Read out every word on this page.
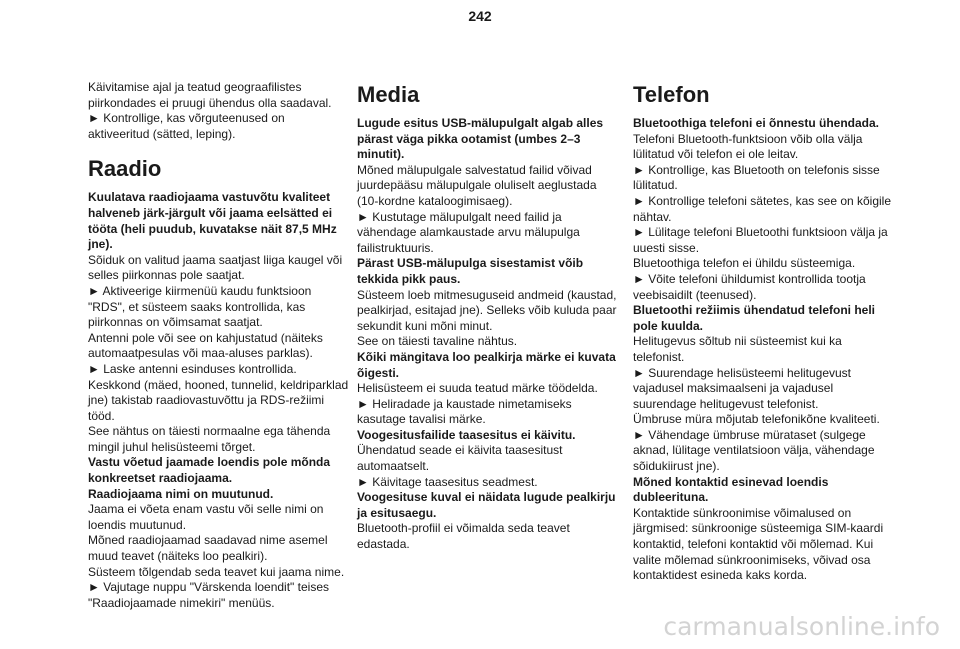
242
Käivitamise ajal ja teatud geograafilistes
piirkondades ei pruugi ühendus olla saadaval.
► Kontrollige, kas võrguteenused on
aktiveeritud (sätted, leping).
Raadio
Kuulatava raadiojaama vastuvõtu kvaliteet
halveneb järk-järgult või jaama eelsätted ei
tööta (heli puudub, kuvatakse näit 87,5 MHz
jne).
Sõiduk on valitud jaama saatjast liiga kaugel või
selles piirkonnas pole saatjat.
► Aktiveerige kiirmenüü kaudu funktsioon
"RDS", et süsteem saaks kontrollida, kas
piirkonnas on võimsamat saatjat.
Antenni pole või see on kahjustatud (näiteks
automaatpesulas või maa-aluses parklas).
► Laske antenni esinduses kontrollida.
Keskkond (mäed, hooned, tunnelid, keldriparklad
jne) takistab raadiovastuvõttu ja RDS-režiimi
tööd.
See nähtus on täiesti normaalne ega tähenda
mingil juhul helisüsteemi tõrget.
Vastu võetud jaamade loendis pole mõnda
konkreetset raadiojaama.
Raadiojaama nimi on muutunud.
Jaama ei võeta enam vastu või selle nimi on
loendis muutunud.
Mõned raadiojaamad saadavad nime asemel
muud teavet (näiteks loo pealkiri).
Süsteem tõlgendab seda teavet kui jaama nime.
► Vajutage nuppu "Värskenda loendit" teises
"Raadiojaamade nimekiri" menüüs.
Media
Lugude esitus USB-mälupulgalt algab alles
pärast väga pikka ootamist (umbes 2–3
minutit).
Mõned mälupulgale salvestatud failid võivad
juurdepääsu mälupulgale oluliselt aeglustada
(10-kordne kataloogimisaeg).
► Kustutage mälupulgalt need failid ja
vähendage alamkaustade arvu mälupulga
failistruktuuris.
Pärast USB-mälupulga sisestamist võib
tekkida pikk paus.
Süsteem loeb mitmesuguseid andmeid (kaustad,
pealkirjad, esitajad jne). Selleks võib kuluda paar
sekundit kuni mõni minut.
See on täiesti tavaline nähtus.
Kõiki mängitava loo pealkirja märke ei kuvata
õigesti.
Helisüsteem ei suuda teatud märke töödelda.
► Heliradade ja kaustade nimetamiseks
kasutage tavalisi märke.
Voogesitusfailide taasesitus ei käivitu.
Ühendatud seade ei käivita taasesitust
automaatselt.
► Käivitage taasesitus seadmest.
Voogesituse kuval ei näidata lugude pealkirju
ja esitusaegu.
Bluetooth-profiil ei võimalda seda teavet
edastada.
Telefon
Bluetoothiga telefoni ei õnnestu ühendada.
Telefoni Bluetooth-funktsioon võib olla välja
lülitatud või telefon ei ole leitav.
► Kontrollige, kas Bluetooth on telefonis sisse
lülitatud.
► Kontrollige telefoni sätetes, kas see on kõigile
nähtav.
► Lülitage telefoni Bluetoothi funktsioon välja ja
uuesti sisse.
Bluetoothiga telefon ei ühildu süsteemiga.
► Võite telefoni ühildumist kontrollida tootja
veebisaidilt (teenused).
Bluetoothi režiimis ühendatud telefoni heli
pole kuulda.
Helitugevus sõltub nii süsteemist kui ka
telefonist.
► Suurendage helisüsteemi helitugevust
vajadusel maksimaalseni ja vajadusel
suurendage helitugevust telefonist.
Ümbruse müra mõjutab telefonikõne kvaliteeti.
► Vähendage ümbruse mürataset (sulgege
aknad, lülitage ventilatsioon välja, vähendage
sõidukiirust jne).
Mõned kontaktid esinevad loendis
dubleerituna.
Kontaktide sünkroonimise võimalused on
järgmised: sünkroonige süsteemiga SIM-kaardi
kontaktid, telefoni kontaktid või mõlemad. Kui
valite mõlemad sünkroonimiseks, võivad osa
kontaktidest esineda kaks korda.
carmanualsonline.info
